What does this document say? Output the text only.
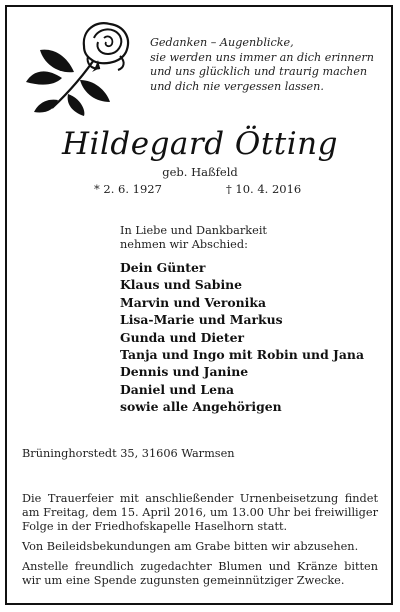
Gedanken – Augenblicke,
sie werden uns immer an dich erinnern
und uns glücklich und traurig machen
und dich nie vergessen lassen.
Hildegard Ötting
geb. Haßfeld
* 2. 6. 1927	† 10. 4. 2016
In Liebe und Dankbarkeit
nehmen wir Abschied:
Dein Günter
Klaus und Sabine
Marvin und Veronika
Lisa-Marie und Markus
Gunda und Dieter
Tanja und Ingo mit Robin und Jana
Dennis und Janine
Daniel und Lena
sowie alle Angehörigen
Brüninghorstedt 35, 31606 Warmsen
Die Trauerfeier mit anschließender Urnenbeisetzung findet
am Freitag, dem 15. April 2016, um 13.00 Uhr bei freiwilliger
Folge in der Friedhofskapelle Haselhorn statt.
Von Beileidsbekundungen am Grabe bitten wir abzusehen.
Anstelle freundlich zugedachter Blumen und Kränze bitten
wir um eine Spende zugunsten gemeinnütziger Zwecke.
